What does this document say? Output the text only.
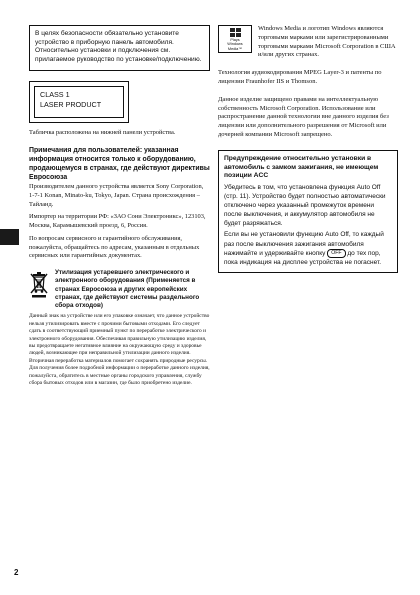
В целях безопасности обязательно установите устройство в приборную панель автомобиля. Относительно установки и подключения см. прилагаемое руководство по установке/подключению.
CLASS 1
LASER PRODUCT
Табличка расположена на нижней панели устройства.
Примечания для пользователей: указанная информация относится только к оборудованию, продающемуся в странах, где действуют директивы Евросоюза

Производителем данного устройства является Sony Corporation, 1-7-1 Konan, Minato-ku, Tokyo, Japan. Страна происхождения – Тайланд.

Импортер на территории РФ: «ЗАО Сони Электроникс», 123103, Москва, Карамышевский проезд, 6, Россия.

По вопросам сервисного и гарантийного обслуживания, пожалуйста, обращайтесь по адресам, указанным в отдельных сервисных или гарантийных документах.

Утилизация устаревшего электрического и электронного оборудования (Применяется в странах Евросоюза и других европейских странах, где действуют системы раздельного сбора отходов)
Данный знак на устройстве или его упаковке означает, что данное устройство нельзя утилизировать вместе с прочими бытовыми отходами. Его следует сдать в соответствующий приемный пункт по переработке электрического и электронного оборудования. Обеспечивая правильную утилизацию изделия, вы предотвращаете негативное влияние на окружающую среду и здоровье людей, возникающее при неправильной утилизации данного изделия. Вторичная переработка материалов помогает сохранять природные ресурсы. Для получения более подробной информации о переработке данного изделия, пожалуйста, обратитесь в местные органы городского управления, службу сбора бытовых отходов или в магазин, где было приобретено изделие.
Plays
Windows
Media™
Windows Media и логотип Windows являются торговыми марками или зарегистрированными торговыми марками Microsoft Corporation в США и/или других странах.

Технология аудиокодирования MPEG Layer-3 и патенты по лицензии Fraunhofer IIS и Thomson.

Данное изделие защищено правами на интеллектуальную собственность Microsoft Corporation. Использование или распространение данной технологии вне данного изделия без лицензии или дополнительного разрешения от Microsoft или дочерней компании Microsoft запрещено.

Предупреждение относительно установки в автомобиль с замком зажигания, не имеющем позиции ACC
Убедитесь в том, что установлена функция Auto Off (стр. 11). Устройство будет полностью автоматически отключено через указанный промежуток времени после выключения, и аккумулятор автомобиля не будет разряжаться.
Если вы не установили функцию Auto Off, то каждый раз после выключения зажигания автомобиля нажимайте и удерживайте кнопку OFF до тех пор, пока индикация на дисплее устройства не погаснет.
2
